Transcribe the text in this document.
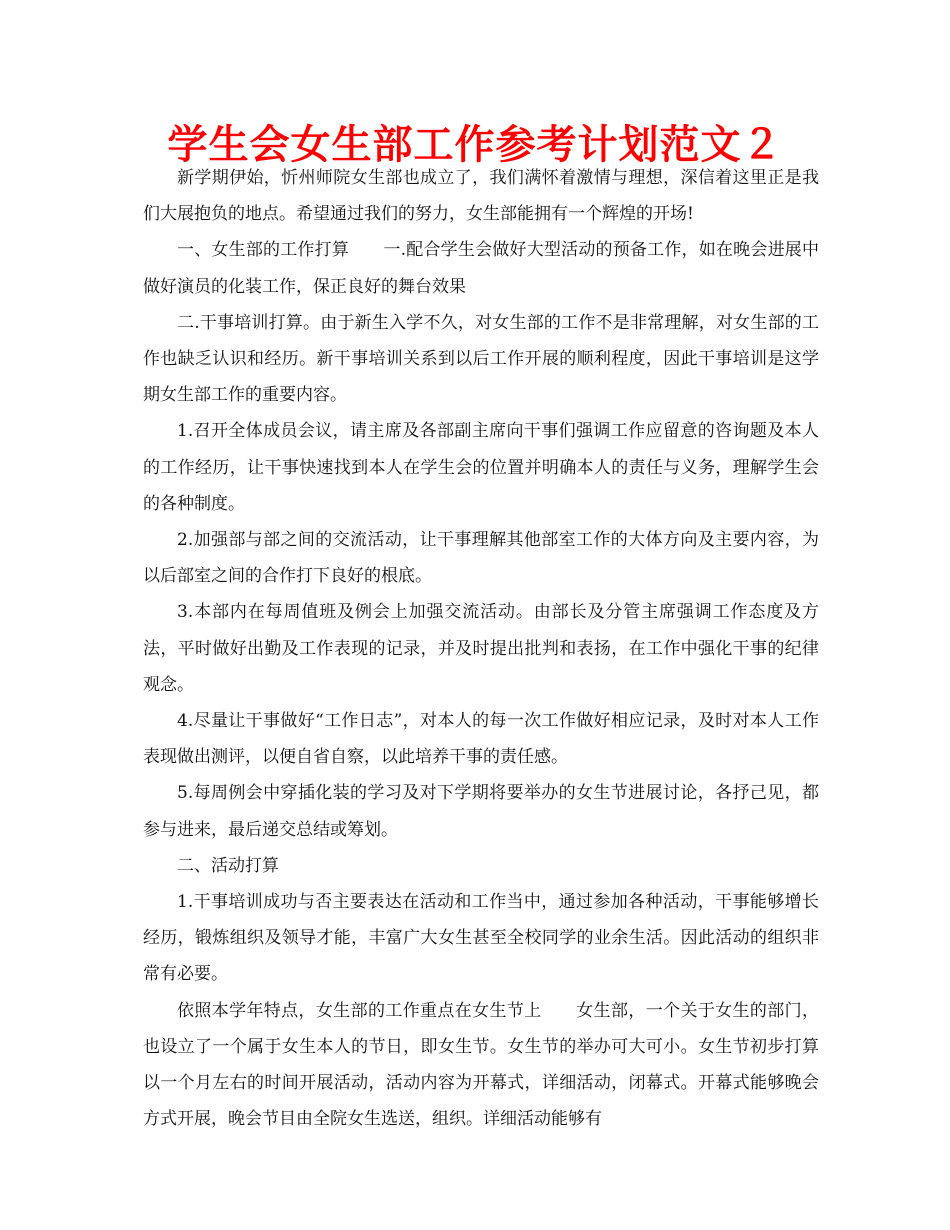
学生会女生部工作参考计划范文２

新学期伊始，忻州师院女生部也成立了，我们满怀着激情与理想，深信着这里正是我们大展抱负的地点。希望通过我们的努力，女生部能拥有一个辉煌的开场!

一、女生部的工作打算　　一.配合学生会做好大型活动的预备工作，如在晚会进展中做好演员的化装工作，保正良好的舞台效果

二.干事培训打算。由于新生入学不久，对女生部的工作不是非常理解，对女生部的工作也缺乏认识和经历。新干事培训关系到以后工作开展的顺利程度，因此干事培训是这学期女生部工作的重要内容。

1.召开全体成员会议，请主席及各部副主席向干事们强调工作应留意的咨询题及本人的工作经历，让干事快速找到本人在学生会的位置并明确本人的责任与义务，理解学生会的各种制度。

2.加强部与部之间的交流活动，让干事理解其他部室工作的大体方向及主要内容，为以后部室之间的合作打下良好的根底。

3.本部内在每周值班及例会上加强交流活动。由部长及分管主席强调工作态度及方法，平时做好出勤及工作表现的记录，并及时提出批判和表扬，在工作中强化干事的纪律观念。

4.尽量让干事做好“工作日志”，对本人的每一次工作做好相应记录，及时对本人工作表现做出测评，以便自省自察，以此培养干事的责任感。

5.每周例会中穿插化装的学习及对下学期将要举办的女生节进展讨论，各抒己见，都参与进来，最后递交总结或筹划。

二、活动打算

1.干事培训成功与否主要表达在活动和工作当中，通过参加各种活动，干事能够增长经历，锻炼组织及领导才能，丰富广大女生甚至全校同学的业余生活。因此活动的组织非常有必要。

依照本学年特点，女生部的工作重点在女生节上　　女生部，一个关于女生的部门，也设立了一个属于女生本人的节日，即女生节。女生节的举办可大可小。女生节初步打算以一个月左右的时间开展活动，活动内容为开幕式，详细活动，闭幕式。开幕式能够晚会方式开展，晚会节目由全院女生选送，组织。详细活动能够有
